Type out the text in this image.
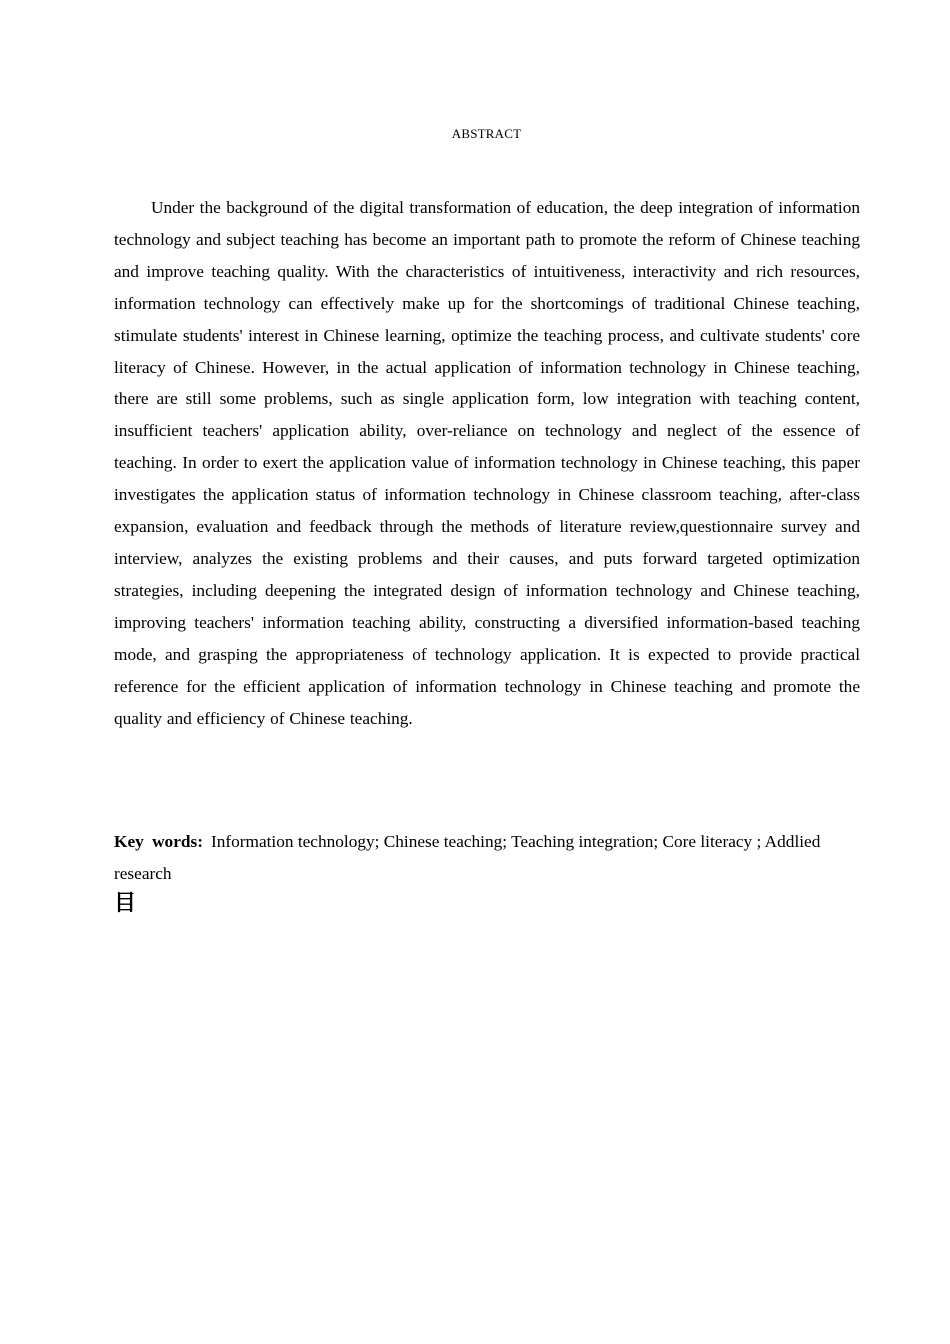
ABSTRACT

Under the background of the digital transformation of education, the deep integration of information technology and subject teaching has become an important path to promote the reform of Chinese teaching and improve teaching quality. With the characteristics of intuitiveness, interactivity and rich resources, information technology can effectively make up for the shortcomings of traditional Chinese teaching, stimulate students' interest in Chinese learning, optimize the teaching process, and cultivate students' core literacy of Chinese. However, in the actual application of information technology in Chinese teaching, there are still some problems, such as single application form, low integration with teaching content, insufficient teachers' application ability, over-reliance on technology and neglect of the essence of teaching. In order to exert the application value of information technology in Chinese teaching, this paper investigates the application status of information technology in Chinese classroom teaching, after-class expansion, evaluation and feedback through the methods of literature review,questionnaire survey and interview, analyzes the existing problems and their causes, and puts forward targeted optimization strategies, including deepening the integrated design of information technology and Chinese teaching, improving teachers' information teaching ability, constructing a diversified information-based teaching mode, and grasping the appropriateness of technology application. It is expected to provide practical reference for the efficient application of information technology in Chinese teaching and promote the quality and efficiency of Chinese teaching.

Key words: Information technology; Chinese teaching; Teaching integration; Core literacy ; Addlied research

目
